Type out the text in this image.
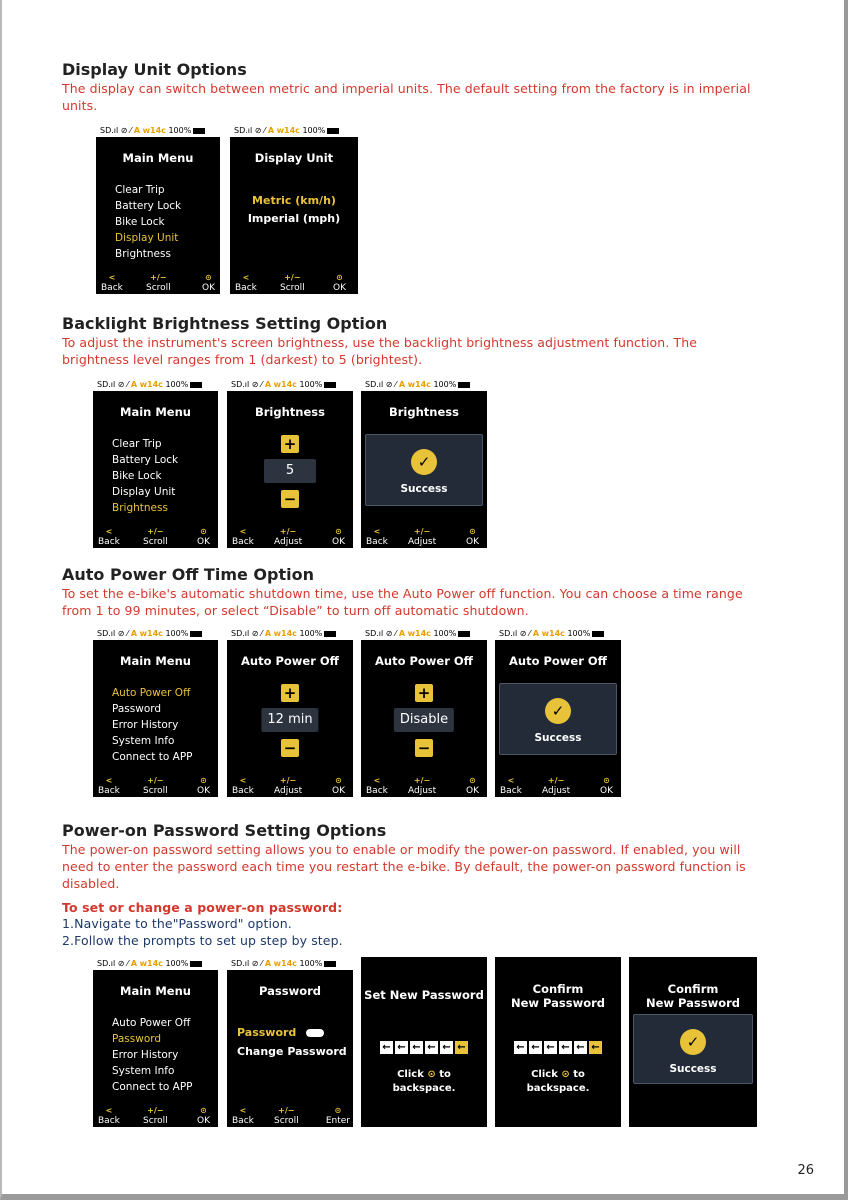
Display Unit Options

The display can switch between metric and imperial units. The default setting from the factory is in imperial units.

Backlight Brightness Setting Option

To adjust the instrument's screen brightness, use the backlight brightness adjustment function. The brightness level ranges from 1 (darkest) to 5 (brightest).

Auto Power Off Time Option

To set the e-bike's automatic shutdown time, use the Auto Power off function. You can choose a time range from 1 to 99 minutes, or select “Disable” to turn off automatic shutdown.

Power-on Password Setting Options

The power-on password setting allows you to enable or modify the power-on password. If enabled, you will need to enter the password each time you restart the e-bike. By default, the power-on password function is disabled.

To set or change a power-on password:

1.Navigate to the"Password" option.

2.Follow the prompts to set up step by step.

26
SD.ıl ⊘ ⁄ A w14c 100%
Main Menu
Clear Trip
Battery Lock
Bike Lock
Display Unit
Brightness
<
Back
+/−
Scroll
⊙
OK
SD.ıl ⊘ ⁄ A w14c 100%
Display Unit
Metric (km/h)
Imperial (mph)
<
Back
+/−
Scroll
⊙
OK
SD.ıl ⊘ ⁄ A w14c 100%
Main Menu
Clear Trip
Battery Lock
Bike Lock
Display Unit
Brightness
<
Back
+/−
Scroll
⊙
OK
SD.ıl ⊘ ⁄ A w14c 100%
Brightness
+
5
−
<
Back
+/−
Adjust
⊙
OK
SD.ıl ⊘ ⁄ A w14c 100%
Brightness
✓
Success
<
Back
+/−
Adjust
⊙
OK
SD.ıl ⊘ ⁄ A w14c 100%
Main Menu
Auto Power Off
Password
Error History
System Info
Connect to APP
<
Back
+/−
Scroll
⊙
OK
SD.ıl ⊘ ⁄ A w14c 100%
Auto Power Off
+
12 min
−
<
Back
+/−
Adjust
⊙
OK
SD.ıl ⊘ ⁄ A w14c 100%
Auto Power Off
+
Disable
−
<
Back
+/−
Adjust
⊙
OK
SD.ıl ⊘ ⁄ A w14c 100%
Auto Power Off
✓
Success
<
Back
+/−
Adjust
⊙
OK
SD.ıl ⊘ ⁄ A w14c 100%
Main Menu
Auto Power Off
Password
Error History
System Info
Connect to APP
<
Back
+/−
Scroll
⊙
OK
SD.ıl ⊘ ⁄ A w14c 100%
Password
Password
Change Password
<
Back
+/−
Scroll
⊙
Enter
Set New Password
← ← ← ← ← ←
Click ⊙ to
backspace.
Confirm
New Password
← ← ← ← ← ←
Click ⊙ to
backspace.
Confirm
New Password
✓
Success
